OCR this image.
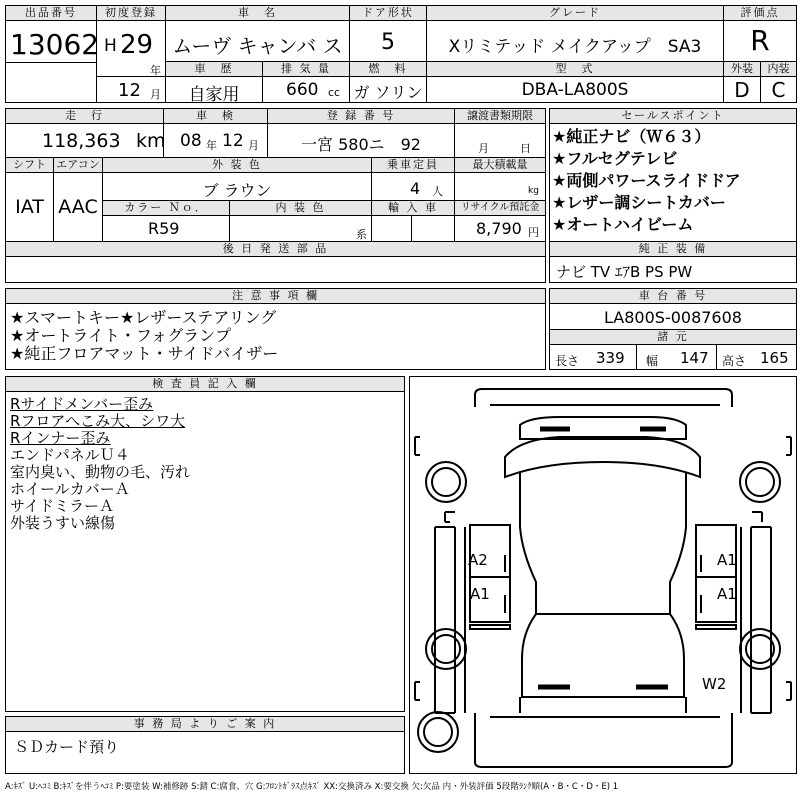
出品番号
13062
初度登録
H 29
年
12 月
車　名
ムーヴ キャンバ ス
ドア形状
5
グレード
Xリミテッド メイクアップ　SA3
評価点
R
車　歴
自家用
排 気 量
660 cc
燃　料
ガ ソリン
型　式
DBA-LA800S
外装	内装
D	C
走　行
118,363 km
車　検
08 年 12 月
登 録 番 号
一宮 580ニ　92
譲渡書類期限
月	日
シフト エアコン
IAT AAC
外 装 色
ブ ラウン
乗車定員
4 人
最大積載量
kg
カラー Ｎｏ．
R59
内 装 色
系
輸 入 車	リサイクル預託金
8,790 円
後 日 発 送 部 品
セールスポイント
★純正ナビ（Ｗ６３）
★フルセグテレビ
★両側パワースライドドア
★レザー調シートカバー
★オートハイビーム
純 正 装 備
ナビ TV ｴｱB PS PW
注 意 事 項 欄
★スマートキー★レザーステアリング
★オートライト・フォグランプ
★純正フロアマット・サイドバイザー
車 台 番 号
LA800S-0087608
諸 元
長さ 339 幅 147 高さ 165
検 査 員 記 入 欄
Rサイドメンバー歪み
Rフロアへこみ大、シワ大
Rインナー歪み
エンドパネルＵ４
室内臭い、動物の毛、汚れ
ホイールカバーＡ
サイドミラーＡ
外装うすい線傷
事 務 局 よ り ご 案 内
ＳＤカード預り
A2
A1
A1
A1
W2
A:ｷｽﾞ U:ﾍｺﾐ B:ｷｽﾞを伴うﾍｺﾐ P:要塗装 W:補修跡 S:錆 C:腐食、穴 G:ﾌﾛﾝﾄｶﾞﾗｽ点ｷｽﾞ XX:交換済み X:要交換 欠:欠品 内・外装評価 5段階ﾗﾝｸ順(A・B・C・D・E) 1
